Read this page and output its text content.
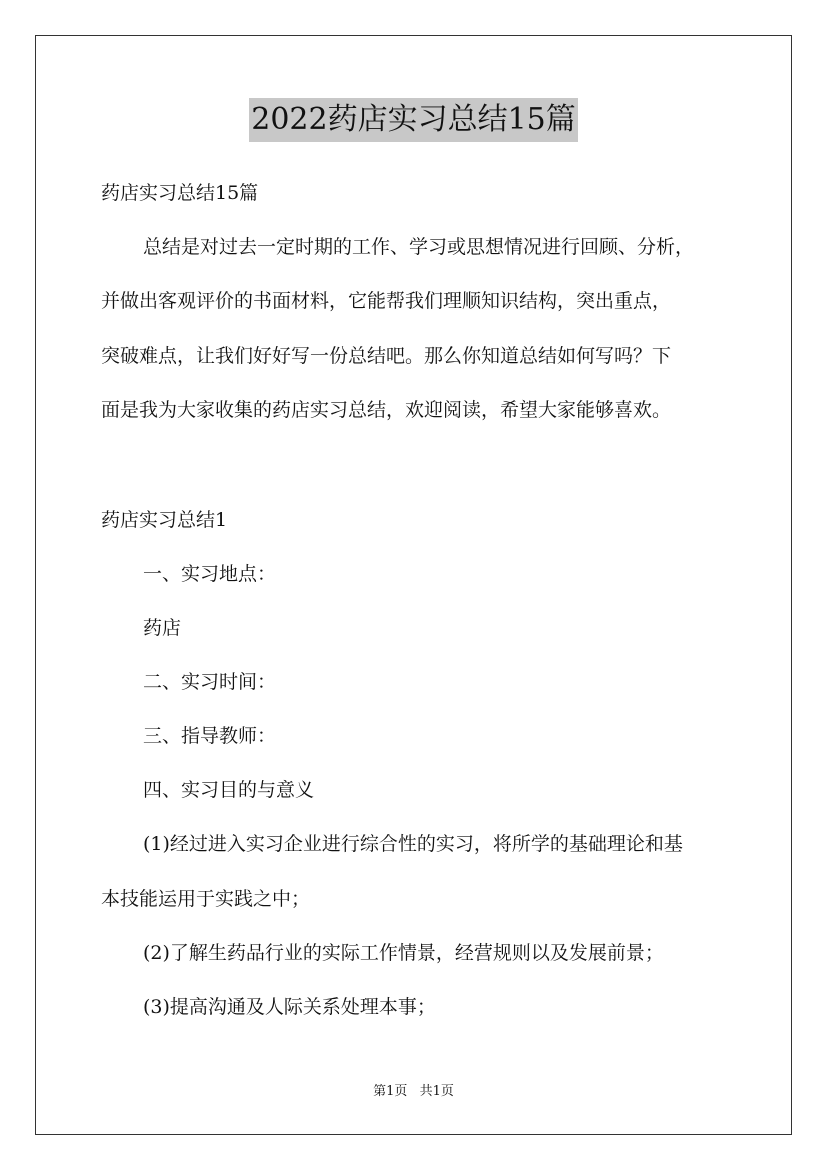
2022药店实习总结15篇
药店实习总结15篇
总结是对过去一定时期的工作、学习或思想情况进行回顾、分析，
并做出客观评价的书面材料，它能帮我们理顺知识结构，突出重点，
突破难点，让我们好好写一份总结吧。那么你知道总结如何写吗？下
面是我为大家收集的药店实习总结，欢迎阅读，希望大家能够喜欢。
药店实习总结1
一、实习地点：
药店
二、实习时间：
三、指导教师：
四、实习目的与意义
(1)经过进入实习企业进行综合性的实习，将所学的基础理论和基
本技能运用于实践之中；
(2)了解生药品行业的实际工作情景，经营规则以及发展前景；
(3)提高沟通及人际关系处理本事；
第1页 共1页
